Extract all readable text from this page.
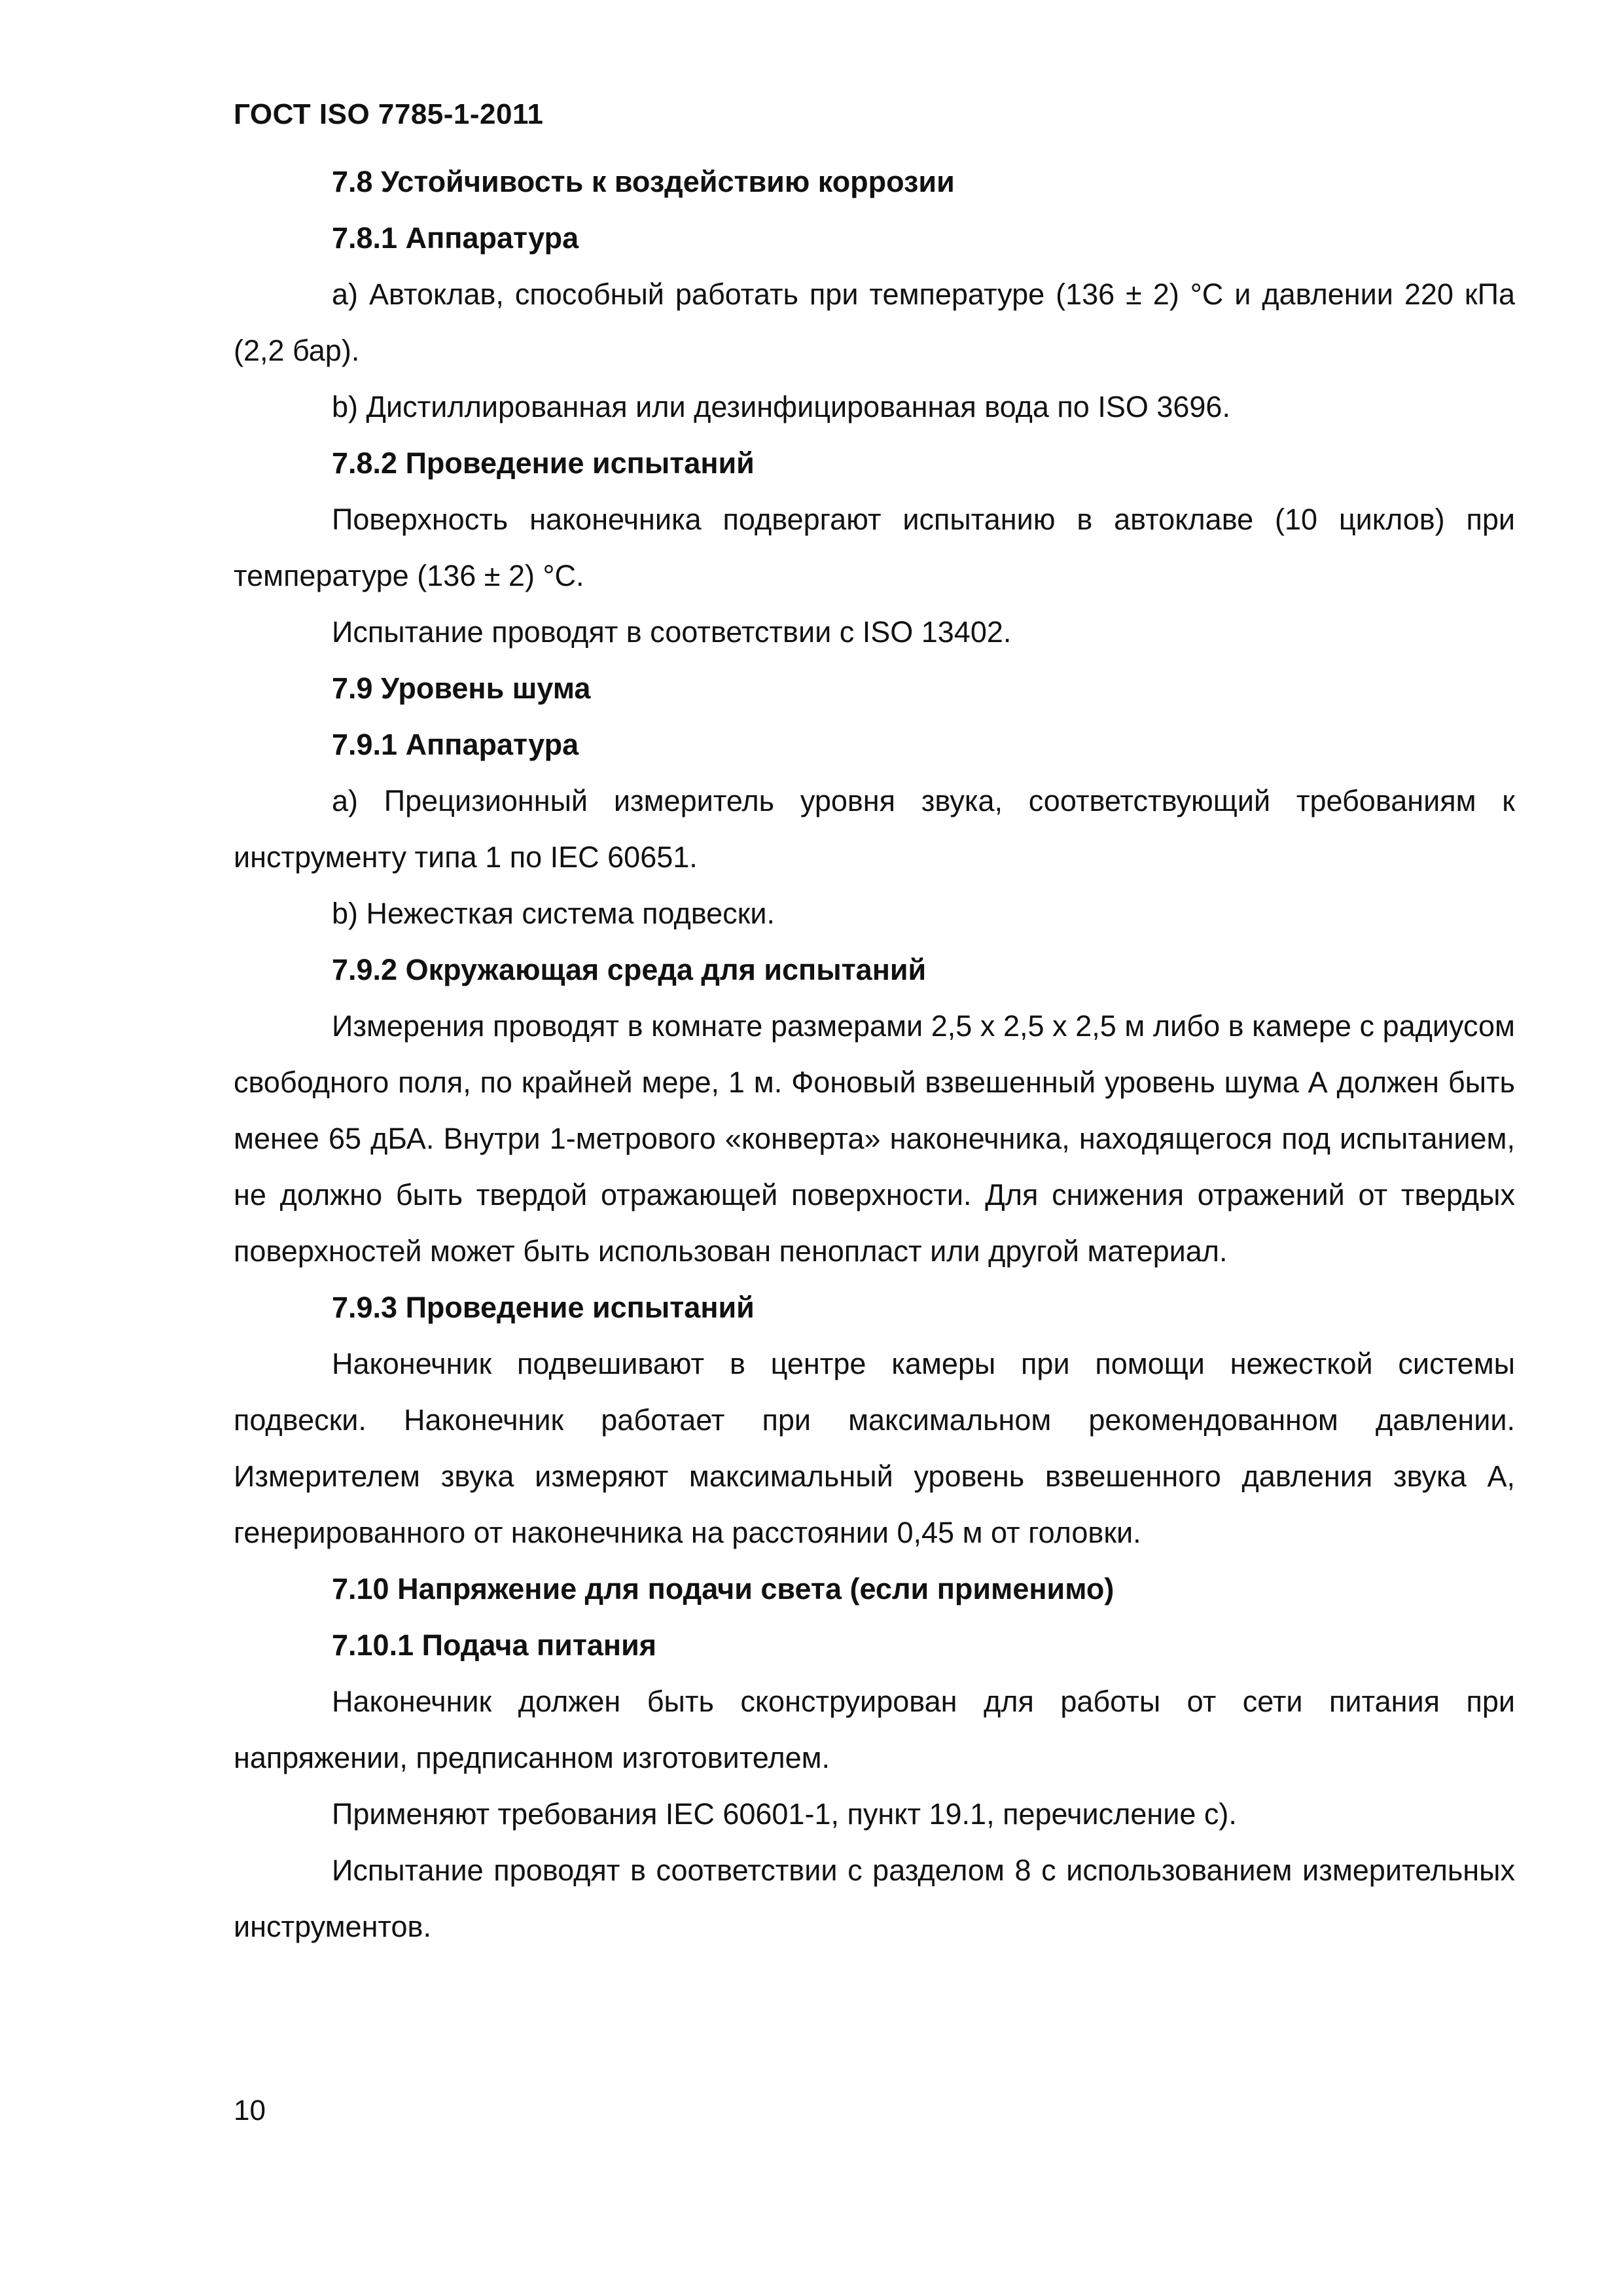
ГОСТ ISO 7785-1-2011

7.8 Устойчивость к воздействию коррозии

7.8.1 Аппаратура

a) Автоклав, способный работать при температуре (136 ± 2) °С и давлении 220 кПа (2,2 бар).

b) Дистиллированная или дезинфицированная вода по ISO 3696.

7.8.2 Проведение испытаний

Поверхность наконечника подвергают испытанию в автоклаве (10 циклов) при температуре (136 ± 2) °С.

Испытание проводят в соответствии с ISO 13402.

7.9 Уровень шума

7.9.1 Аппаратура

a) Прецизионный измеритель уровня звука, соответствующий требованиям к инструменту типа 1 по IEC 60651.

b) Нежесткая система подвески.

7.9.2 Окружающая среда для испытаний

Измерения проводят в комнате размерами 2,5 х 2,5 х 2,5 м либо в камере с радиусом свободного поля, по крайней мере, 1 м. Фоновый взвешенный уровень шума А должен быть менее 65 дБА. Внутри 1-метрового «конверта» наконечника, находящегося под испытанием, не должно быть твердой отражающей поверхности. Для снижения отражений от твердых поверхностей может быть использован пенопласт или другой материал.

7.9.3 Проведение испытаний

Наконечник подвешивают в центре камеры при помощи нежесткой системы подвески. Наконечник работает при максимальном рекомендованном давлении. Измерителем звука измеряют максимальный уровень взвешенного давления звука А, генерированного от наконечника на расстоянии 0,45 м от головки.

7.10 Напряжение для подачи света (если применимо)

7.10.1 Подача питания

Наконечник должен быть сконструирован для работы от сети питания при напряжении, предписанном изготовителем.

Применяют требования IEC 60601-1, пункт 19.1, перечисление с).

Испытание проводят в соответствии с разделом 8 с использованием измерительных инструментов.

10
